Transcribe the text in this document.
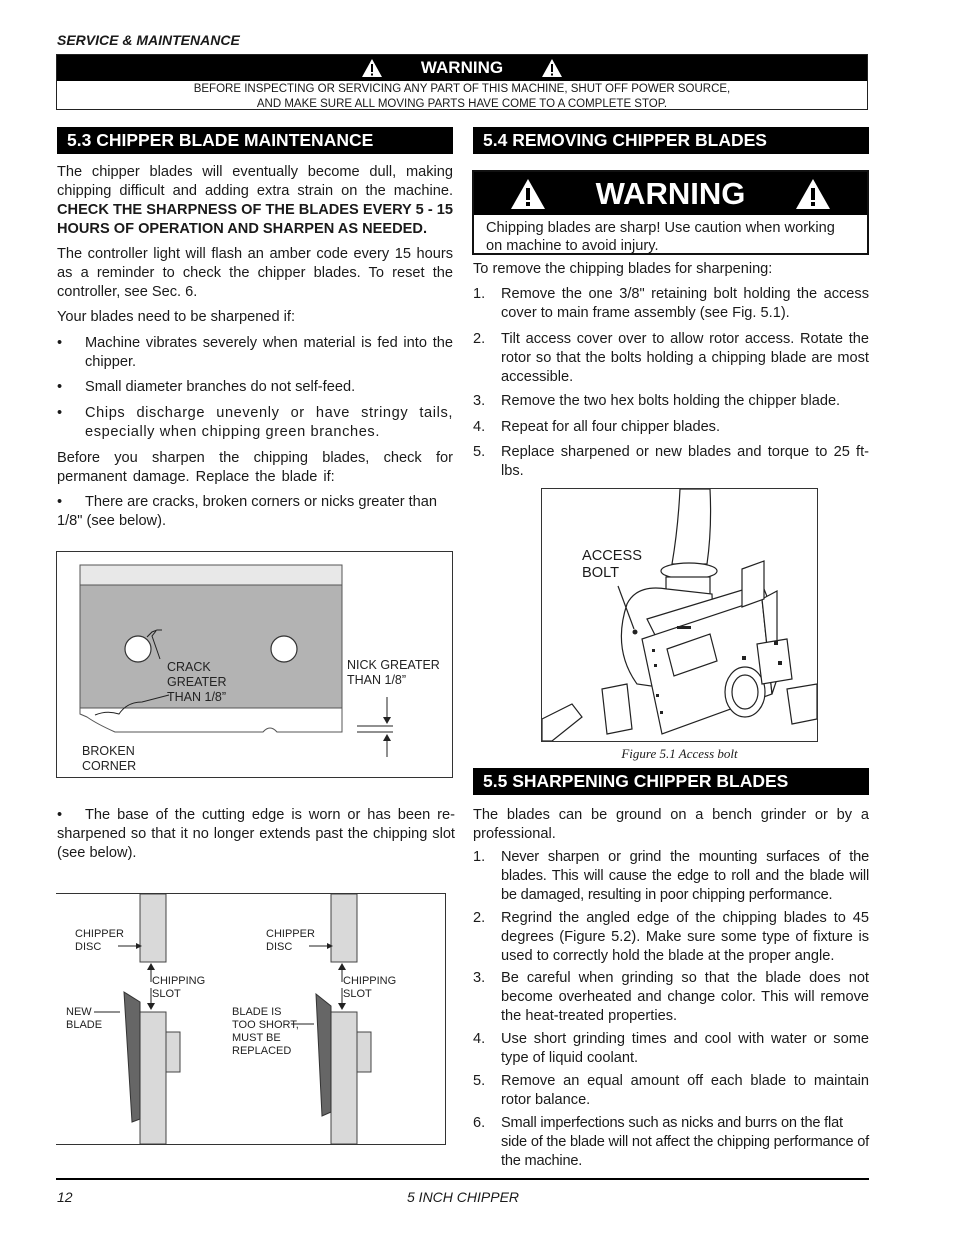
SERVICE & MAINTENANCE
WARNING
BEFORE INSPECTING OR SERVICING ANY PART OF THIS MACHINE, SHUT OFF POWER SOURCE,
AND MAKE SURE ALL MOVING PARTS HAVE COME TO A COMPLETE STOP.
5.3 CHIPPER BLADE MAINTENANCE
The chipper blades will eventually become dull, making chipping difficult and adding extra strain on the machine. CHECK THE SHARPNESS OF THE BLADES EVERY 5 - 15 HOURS OF OPERATION AND SHARPEN AS NEEDED.
The controller light will flash an amber code every 15 hours as a reminder to check the chipper blades. To reset the controller, see Sec. 6.
Your blades need to be sharpened if:
• Machine vibrates severely when material is fed into the chipper.
• Small diameter branches do not self-feed.
• Chips discharge unevenly or have stringy tails, especially when chipping green branches.
Before you sharpen the chipping blades, check for permanent damage. Replace the blade if:
• There are cracks, broken corners or nicks greater than 1/8" (see below).
CRACK
GREATER
THAN 1/8”
NICK GREATER
THAN 1/8”
BROKEN
CORNER
• The base of the cutting edge is worn or has been re-sharpened so that it no longer extends past the chipping slot (see below).
CHIPPER
DISC
CHIPPING
SLOT
NEW
BLADE
CHIPPER
DISC
CHIPPING
SLOT
BLADE IS
TOO SHORT,
MUST BE
REPLACED
5.4 REMOVING CHIPPER BLADES
WARNING
Chipping blades are sharp! Use caution when working
on machine to avoid injury.
To remove the chipping blades for sharpening:
1. Remove the one 3/8" retaining bolt holding the access cover to main frame assembly (see Fig. 5.1).
2. Tilt access cover over to allow rotor access. Rotate the rotor so that the bolts holding a chipping blade are most accessible.
3. Remove the two hex bolts holding the chipper blade.
4. Repeat for all four chipper blades.
5. Replace sharpened or new blades and torque to 25 ft-lbs.
ACCESS
BOLT
Figure 5.1 Access bolt
5.5 SHARPENING CHIPPER BLADES
The blades can be ground on a bench grinder or by a professional.
1. Never sharpen or grind the mounting surfaces of the blades. This will cause the edge to roll and the blade will be damaged, resulting in poor chipping performance.
2. Regrind the angled edge of the chipping blades to 45 degrees (Figure 5.2). Make sure some type of fixture is used to correctly hold the blade at the proper angle.
3. Be careful when grinding so that the blade does not become overheated and change color. This will remove the heat-treated properties.
4. Use short grinding times and cool with water or some type of liquid coolant.
5. Remove an equal amount off each blade to maintain rotor balance.
6. Small imperfections such as nicks and burrs on the flat side of the blade will not affect the chipping performance of the machine.
12	5 INCH CHIPPER
